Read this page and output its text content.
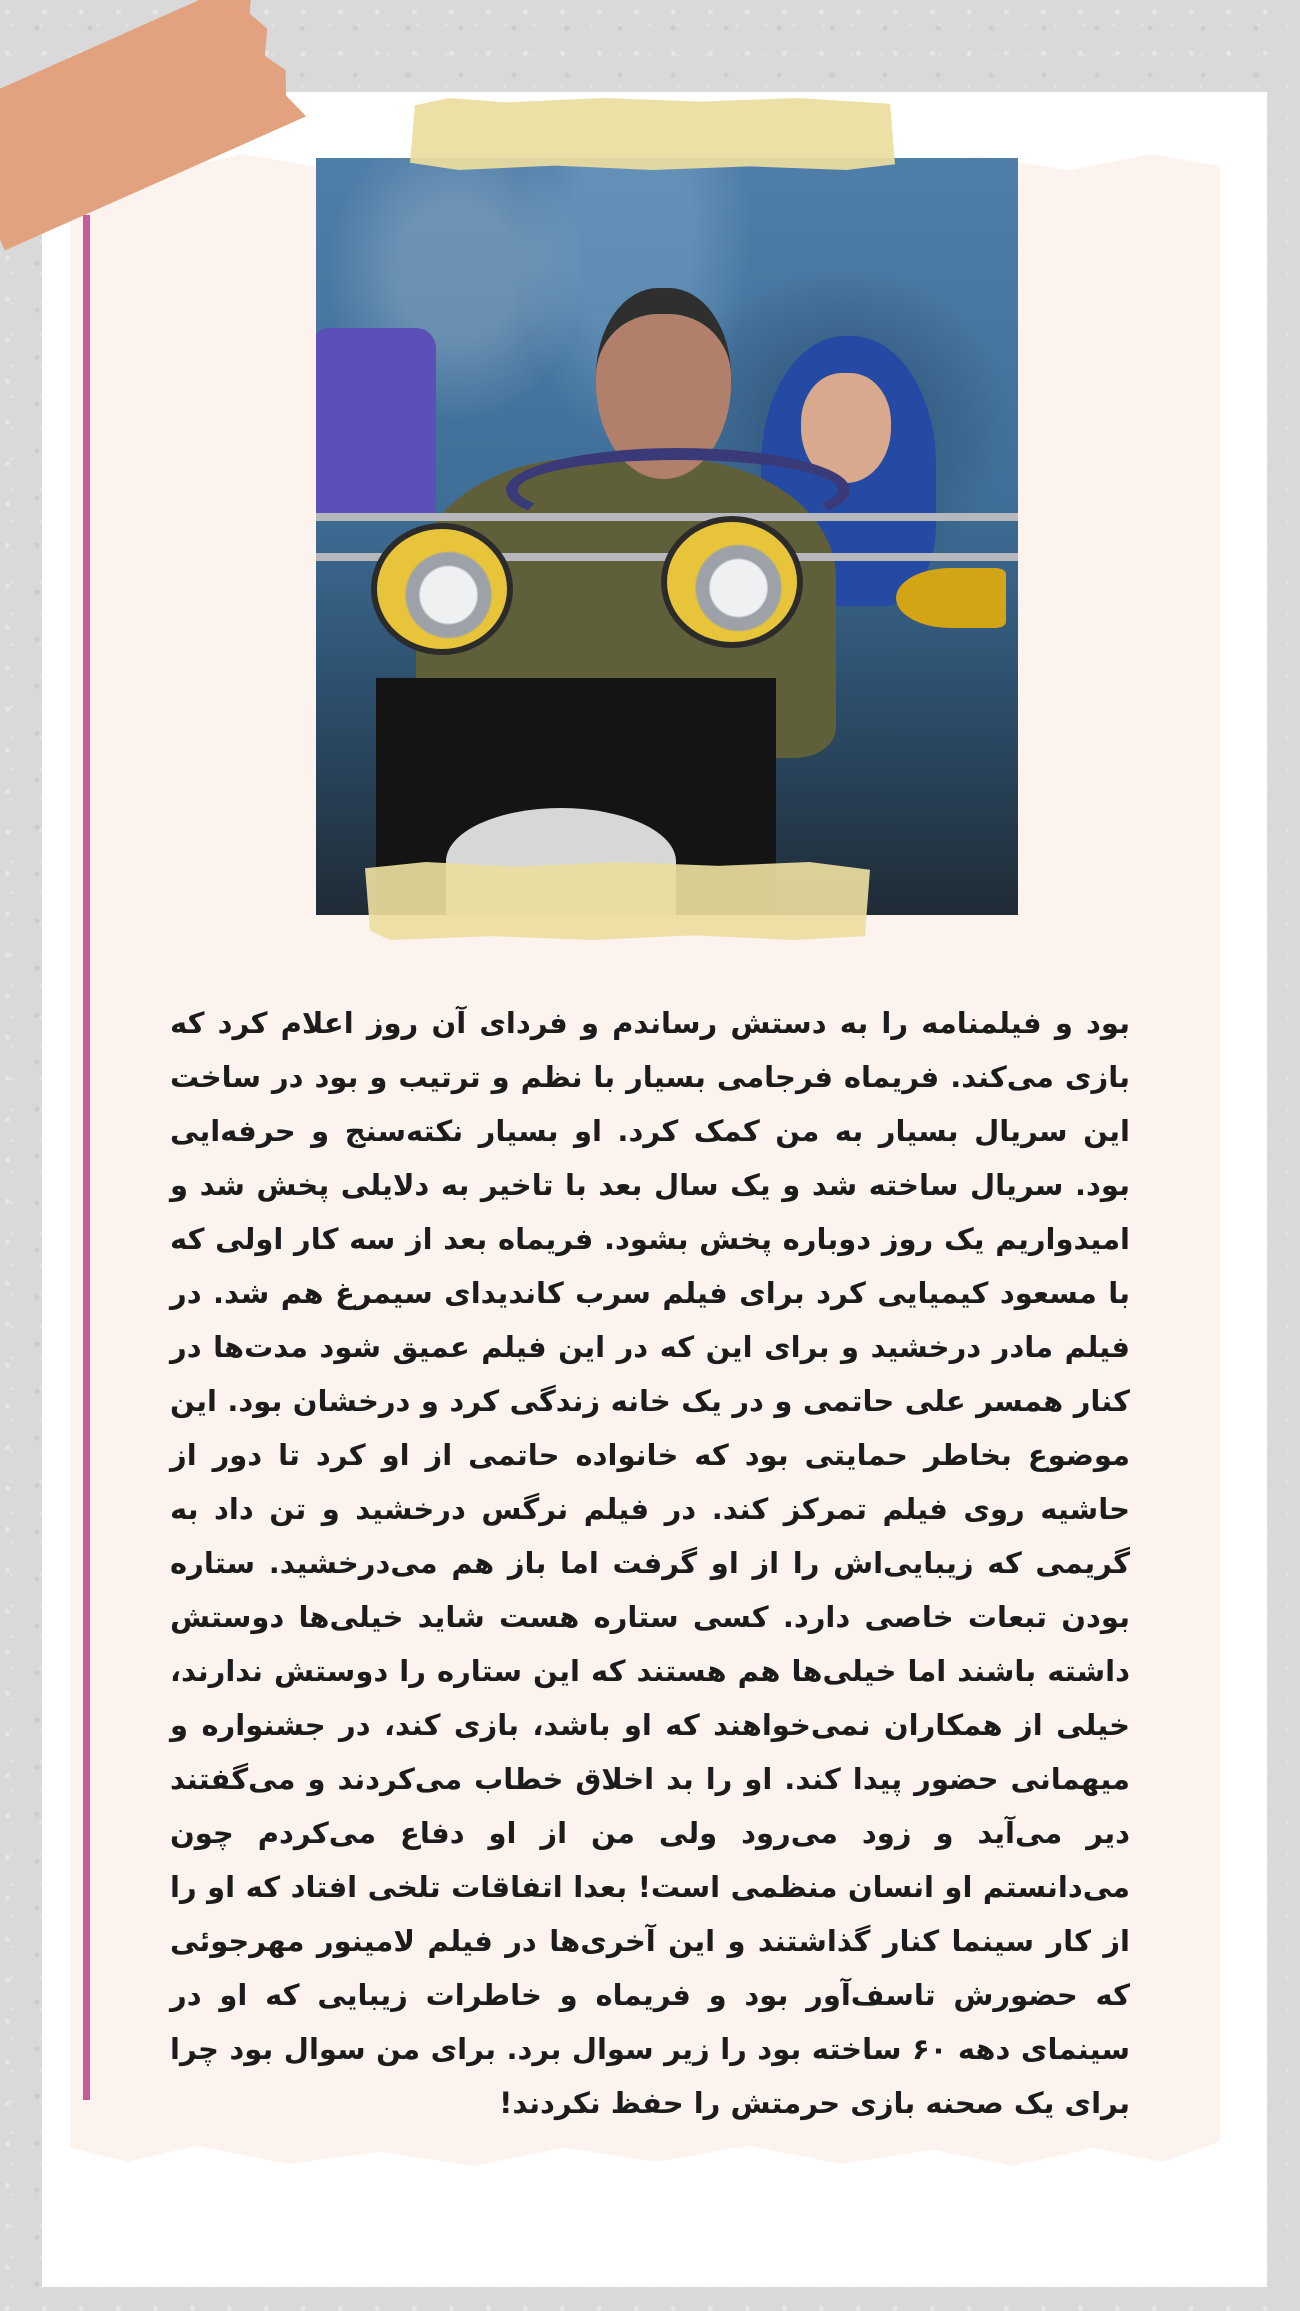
بود و فیلمنامه را به دستش رساندم و فردای آن روز اعلام کرد که بازی می‌کند. فریماه فرجامی بسیار با نظم و ترتیب و بود در ساخت این سریال بسیار به من کمک کرد. او بسیار نکته‌سنج و حرفه‌ایی بود. سریال ساخته شد و یک سال بعد با تاخیر به دلایلی پخش شد و امیدواریم یک روز دوباره پخش بشود. فریماه بعد از سه کار اولی که با مسعود کیمیایی کرد برای فیلم سرب کاندیدای سیمرغ هم شد. در فیلم مادر درخشید و برای این که در این فیلم عمیق شود مدت‌ها در کنار همسر علی حاتمی و در یک خانه زندگی کرد و درخشان بود. این موضوع بخاطر حمایتی بود که خانواده حاتمی از او کرد تا دور از حاشیه روی فیلم تمرکز کند. در فیلم نرگس درخشید و تن داد به گریمی که زیبایی‌اش را از او گرفت اما باز هم می‌درخشید. ستاره بودن تبعات خاصی دارد. کسی ستاره هست شاید خیلی‌ها دوستش داشته باشند اما خیلی‌ها هم هستند که این ستاره را دوستش ندارند، خیلی از همکاران نمی‌خواهند که او باشد، بازی کند، در جشنواره و میهمانی حضور پیدا کند. او را بد اخلاق خطاب می‌کردند و می‌گفتند دیر می‌آید و زود می‌رود ولی من از او دفاع می‌کردم چون می‌دانستم او انسان منظمی است! بعدا اتفاقات تلخی افتاد که او را از کار سینما کنار گذاشتند و این آخری‌ها در فیلم لامینور مهرجوئی که حضورش تاسف‌آور بود و فریماه و خاطرات زیبایی که او در سینمای دهه ۶۰ ساخته بود را زیر سوال برد. برای من سوال بود چرا برای یک صحنه بازی حرمتش را حفظ نکردند!
